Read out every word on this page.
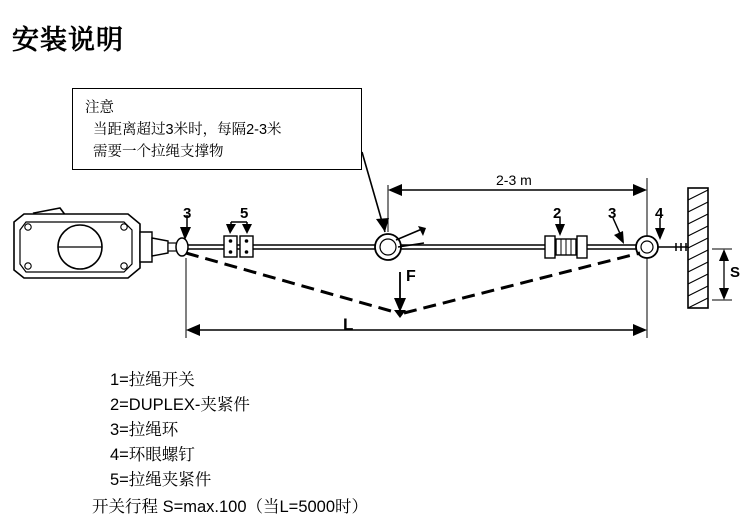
安装说明
注意
当距离超过3米时，每隔2-3米
需要一个拉绳支撑物
2-3 m
L
S
F
3	5	2	3	4
1=拉绳开关
2=DUPLEX-夹紧件
3=拉绳环
4=环眼螺钉
5=拉绳夹紧件
开关行程 S=max.100（当L=5000时）
